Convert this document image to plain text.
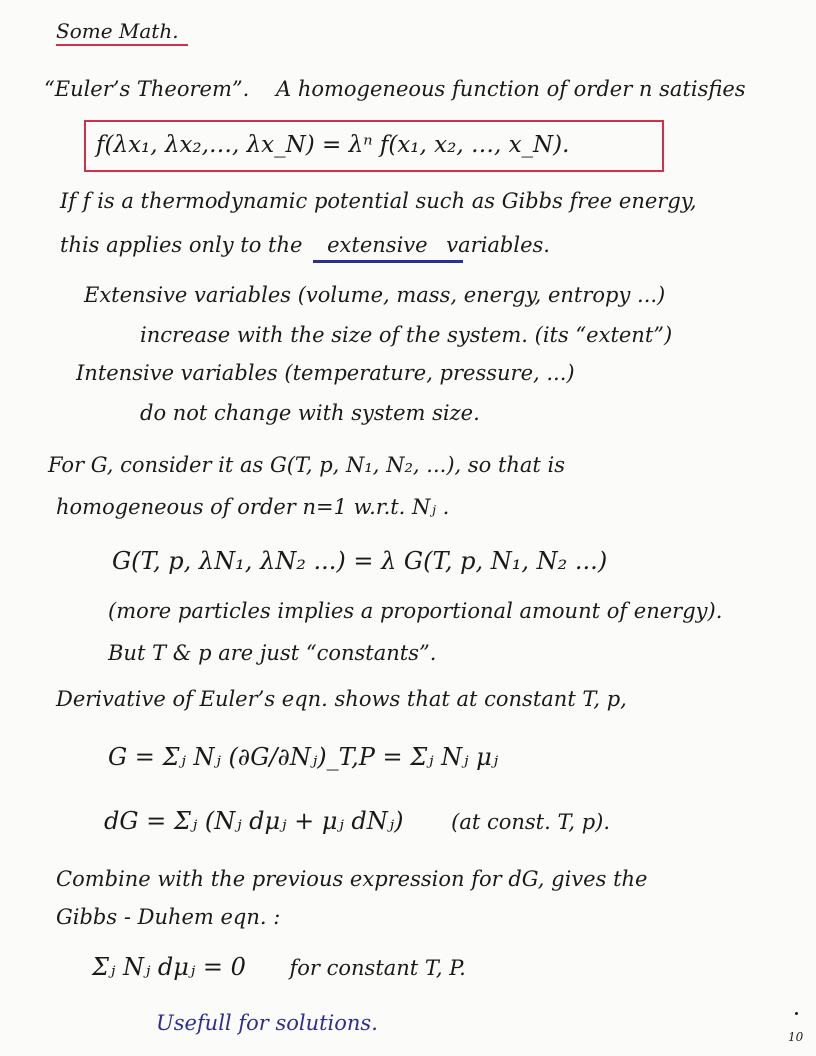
Some Math.
“Euler’s Theorem”. A homogeneous function of order n satisfies
f(λx₁, λx₂,…, λx_N) = λⁿ f(x₁, x₂, …, x_N).
If f is a thermodynamic potential such as Gibbs free energy,
this applies only to the extensive variables.
Extensive variables (volume, mass, energy, entropy ...)
increase with the size of the system. (its “extent”)
Intensive variables (temperature, pressure, ...)
do not change with system size.
For G, consider it as G(T, p, N₁, N₂, ...), so that is
homogeneous of order n=1 w.r.t. Nⱼ .
G(T, p, λN₁, λN₂ ...) = λ G(T, p, N₁, N₂ ...)
(more particles implies a proportional amount of energy).
But T & p are just “constants”.
Derivative of Euler’s eqn. shows that at constant T, p,
G = Σⱼ Nⱼ (∂G/∂Nⱼ)_T,P = Σⱼ Nⱼ μⱼ
dG = Σⱼ (Nⱼ dμⱼ + μⱼ dNⱼ) (at const. T, p).
Combine with the previous expression for dG, gives the
Gibbs - Duhem eqn. :
Σⱼ Nⱼ dμⱼ = 0 for constant T, P.
Usefull for solutions.
10
